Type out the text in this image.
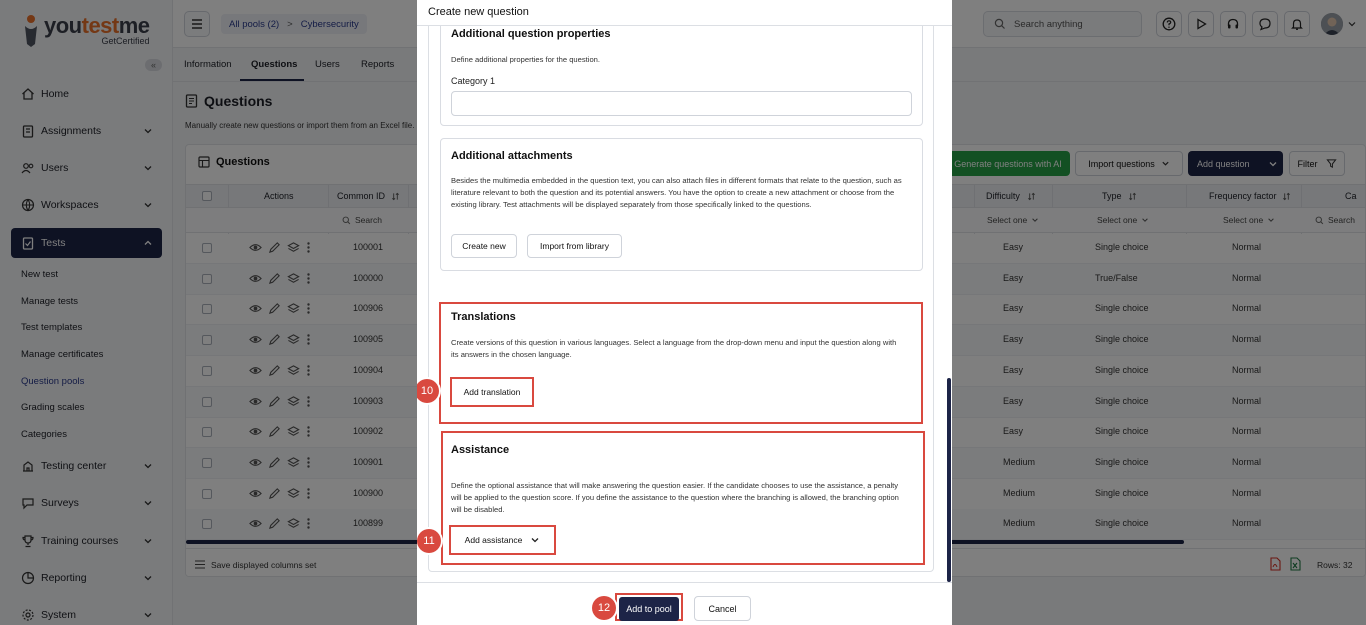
Create new question
Additional question properties
Define additional properties for the question.
Category 1
Additional attachments
Besides the multimedia embedded in the question text, you can also attach files in different formats that relate to the question, such as literature relevant to both the question and its potential answers. You have the option to create a new attachment or choose from the existing library. Test attachments will be displayed separately from those specifically linked to the questions.
Create new	Import from library
Translations
Create versions of this question in various languages. Select a language from the drop-down menu and input the question along with its answers in the chosen language.
Add translation
Assistance
Define the optional assistance that will make answering the question easier. If the candidate chooses to use the assistance, a penalty will be applied to the question score. If you define the assistance to the question where the branching is allowed, the branching option will be disabled.
Add assistance
10
11
Add to pool	Cancel
12
